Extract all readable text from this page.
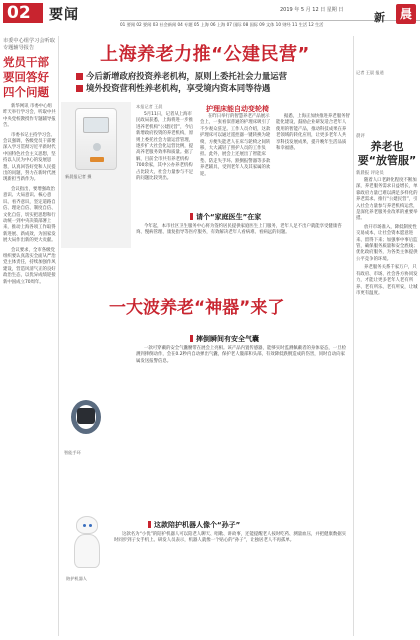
02	要闻	2019 年 5 月 12 日 星期 日
01 要闻 02 要闻 03 社会新闻 04 专题 05 上海 06 上海 07 国际 08 国际 09 文体 10 财经 11 生活 12 生活
新	晨
市委中心组学习会听取专题辅导报告
党员干部要回答好四个问题

新华网讯 市委中心组昨天举行学习会，听取中共中央党校教授作专题辅导报告。

市委书记主持学习会。会议强调，各级党员干部要深入学习贯彻习近平新时代中国特色社会主义思想，坚持以人民为中心的发展思想，认真回答好党和人民提出的问题，努力在新时代展现新担当新作为。

会议指出，要增强政治意识、大局意识、核心意识、看齐意识，坚定道路自信、理论自信、制度自信、文化自信，切实把思想和行动统一到中央决策部署上来，推动上海各项工作取得新进展、新成效，为国家发展大局作出新的更大贡献。

会议要求，全市各级党组织要认真落实全面从严治党主体责任，持续加强作风建设，营造风清气正的良好政治生态，以优异成绩迎接新中国成立70周年。

上海养老力推“公建民营”
今后新增政府投资养老机构，原则上委托社会力量运营
境外投资营利性养老机构，享受境内资本同等待遇
新晨报记者 摄
本报记者 王晨

5月11日，记者从上海市民政局获悉，上海将进一步推进养老机构“公建民营”，今后新增政府投资的养老机构，原则上委托社会力量运营管理，逐步扩大社会化运营比例，提高养老服务效率和质量。据了解，目前全市共有养老机构700余家，其中公办养老机构占比较大，社会力量参与不足的问题比较突出。

护理床能自动变轮椅

在昨日举行的智慧养老产品展示会上，一张看似普通的护理床吸引了不少观众驻足。工作人员介绍，这款护理床可以通过遥控器一键转换为轮椅，方便失能老人在床与轮椅之间转移，大大减轻了照护人员的工作负担。此外，展会上还展出了智能床垫、防走失手环、跌倒报警器等多款养老辅具，受到老年人及其家属的欢迎。

据悉，上海正加快推进养老服务智能化建设，鼓励企业研发适合老年人使用的智能产品，推动科技成果在养老领域的转化应用，让更多老年人共享科技发展成果，提升晚年生活品质和幸福感。

请个“家庭医生”在家

今年起，本市社区卫生服务中心将为签约居民提供家庭医生上门服务，老年人足不出户就能享受健康咨询、慢病管理、康复指导等医疗服务，有效解决老年人看病难、看病远的问题。

一大波养老“神器”来了
智能手环
摔倒瞬间有安全气囊

一款可穿戴的安全气囊腰带在展会上亮相。该产品内置传感器，能够实时监测佩戴者的身体姿态，一旦检测到摔倒动作，会在0.2秒内自动弹出气囊，保护老人髋部和头部，有效降低跌倒造成的伤害，同时自动向家属发送报警信息。

这款陪护机器人像个“孙子”

这款名为“小优”的陪护机器人可以陪老人聊天、唱歌、讲故事，还能提醒老人按时吃药、测量血压，并把健康数据实时同步到子女手机上。研发人员表示，机器人就像一个贴心的“孙子”，让独居老人不再孤单。

陪护机器人
记者 王晨 报道
晨评
养老也要“放管服”
新晨报 评论员

随着人口老龄化程度不断加深，养老服务需求日益增长，单靠政府力量已难以满足多样化的养老需求。推行“公建民营”，引入社会力量参与养老机构运营，是深化养老服务业改革的重要举措。

放开市场准入，降低制度性交易成本，让社会资本愿意进来、留得下来；加强事中事后监管，确保服务质量和安全底线；优化政府服务，为各类主体提供公平竞争的环境。

养老服务关系千家万户，只有政府、市场、社会各方协同发力，才能让更多老年人老有所养、老有所乐、老有所安，让城市更有温度。
